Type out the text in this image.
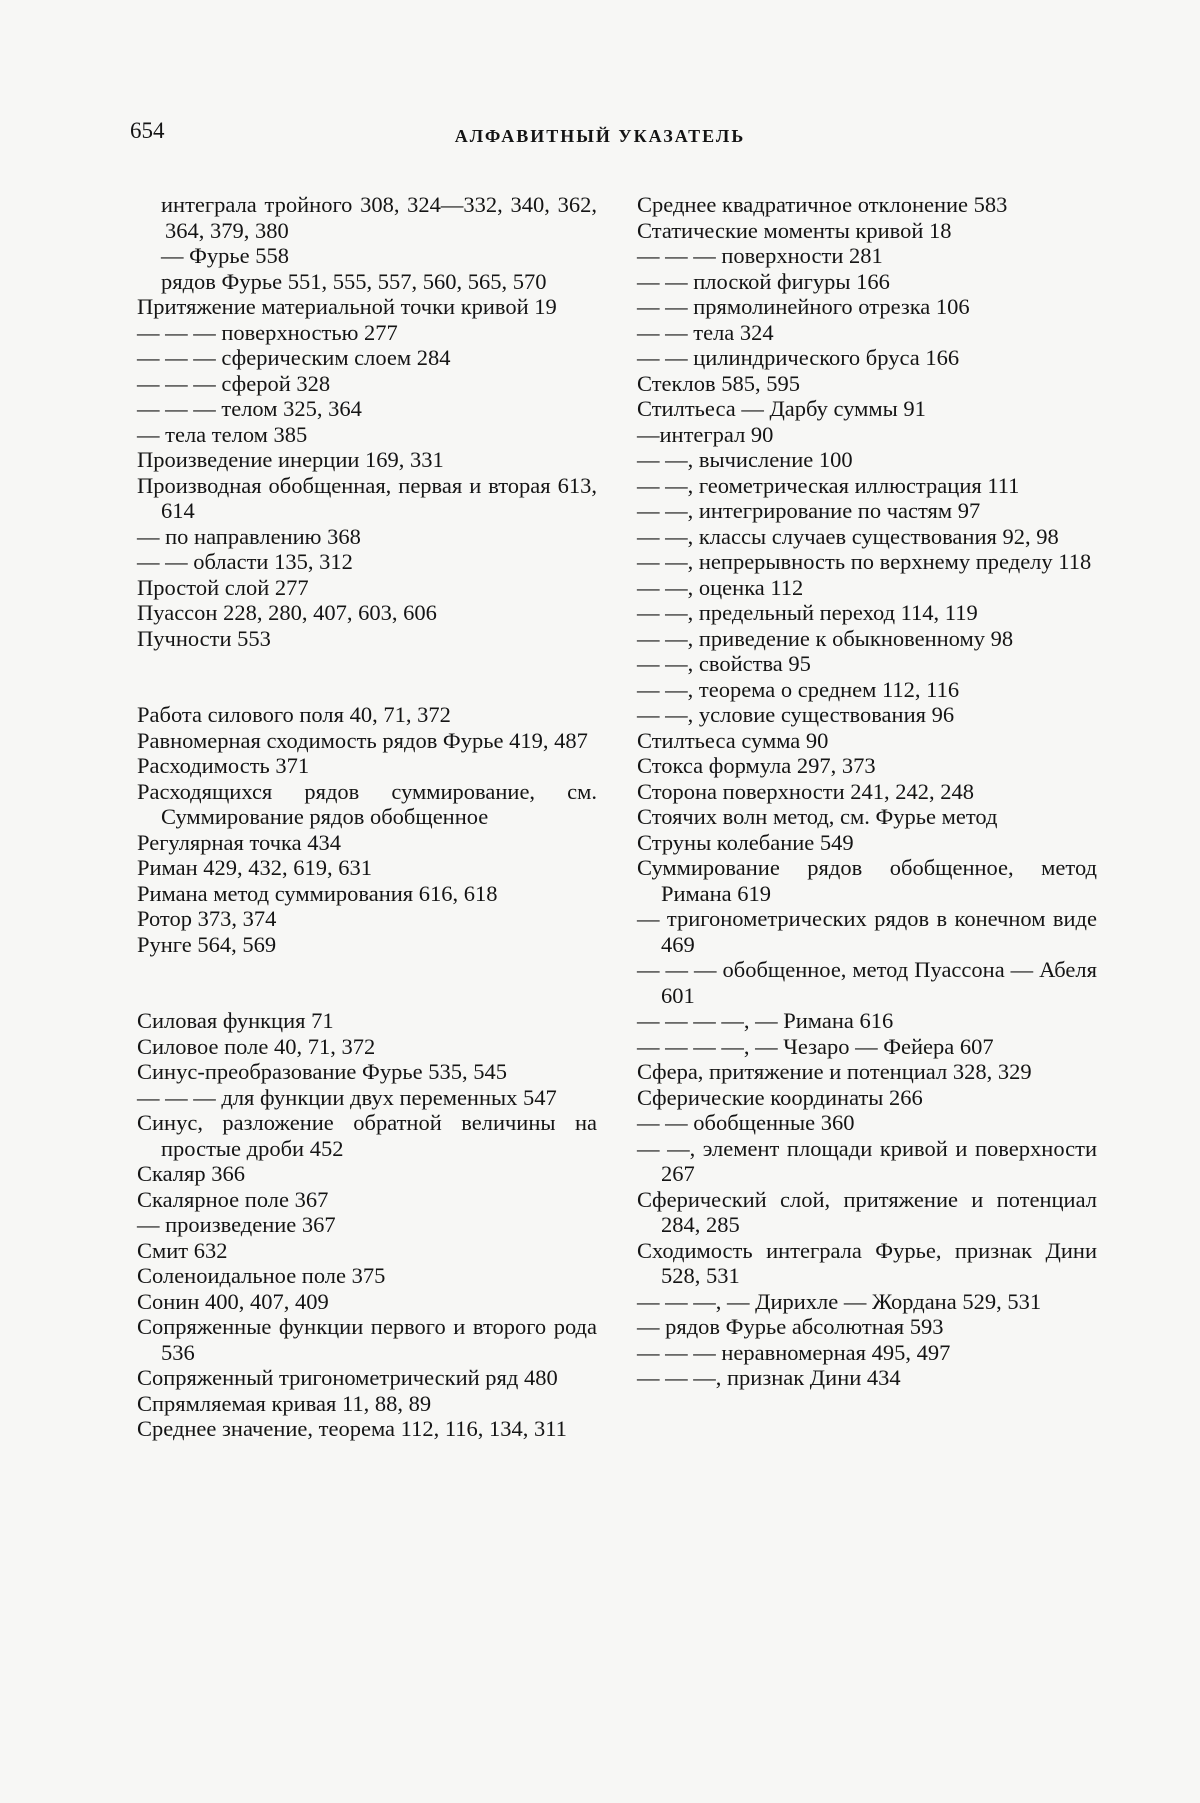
654	АЛФАВИТНЫЙ УКАЗАТЕЛЬ
интеграла тройного 308, 324—332, 340, 362, 364, 379, 380
— Фурье 558
рядов Фурье 551, 555, 557, 560, 565, 570
Притяжение материальной точки кривой 19
— — — поверхностью 277
— — — сферическим слоем 284
— — — сферой 328
— — — телом 325, 364
— тела телом 385
Произведение инерции 169, 331
Производная обобщенная, первая и вторая 613, 614
— по направлению 368
— — области 135, 312
Простой слой 277
Пуассон 228, 280, 407, 603, 606
Пучности 553
Работа силового поля 40, 71, 372
Равномерная сходимость рядов Фурье 419, 487
Расходимость 371
Расходящихся рядов суммирование, см. Суммирование рядов обобщенное
Регулярная точка 434
Риман 429, 432, 619, 631
Римана метод суммирования 616, 618
Ротор 373, 374
Рунге 564, 569
Силовая функция 71
Силовое поле 40, 71, 372
Синус-преобразование Фурье 535, 545
— — — для функции двух переменных 547
Синус, разложение обратной величины на простые дроби 452
Скаляр 366
Скалярное поле 367
— произведение 367
Смит 632
Соленоидальное поле 375
Сонин 400, 407, 409
Сопряженные функции первого и второго рода 536
Сопряженный тригонометрический ряд 480
Спрямляемая кривая 11, 88, 89
Среднее значение, теорема 112, 116, 134, 311
Среднее квадратичное отклонение 583
Статические моменты кривой 18
— — — поверхности 281
— — плоской фигуры 166
— — прямолинейного отрезка 106
— — тела 324
— — цилиндрического бруса 166
Стеклов 585, 595
Стилтьеса — Дарбу суммы 91
—интеграл 90
— —, вычисление 100
— —, геометрическая иллюстрация 111
— —, интегрирование по частям 97
— —, классы случаев существования 92, 98
— —, непрерывность по верхнему пределу 118
— —, оценка 112
— —, предельный переход 114, 119
— —, приведение к обыкновенному 98
— —, свойства 95
— —, теорема о среднем 112, 116
— —, условие существования 96
Стилтьеса сумма 90
Стокса формула 297, 373
Сторона поверхности 241, 242, 248
Стоячих волн метод, см. Фурье метод
Струны колебание 549
Суммирование рядов обобщенное, метод Римана 619
— тригонометрических рядов в конечном виде 469
— — — обобщенное, метод Пуассона — Абеля 601
— — — —, — Римана 616
— — — —, — Чезаро — Фейера 607
Сфера, притяжение и потенциал 328, 329
Сферические координаты 266
— — обобщенные 360
— —, элемент площади кривой и поверхности 267
Сферический слой, притяжение и потенциал 284, 285
Сходимость интеграла Фурье, признак Дини 528, 531
— — —, — Дирихле — Жордана 529, 531
— рядов Фурье абсолютная 593
— — — неравномерная 495, 497
— — —, признак Дини 434
